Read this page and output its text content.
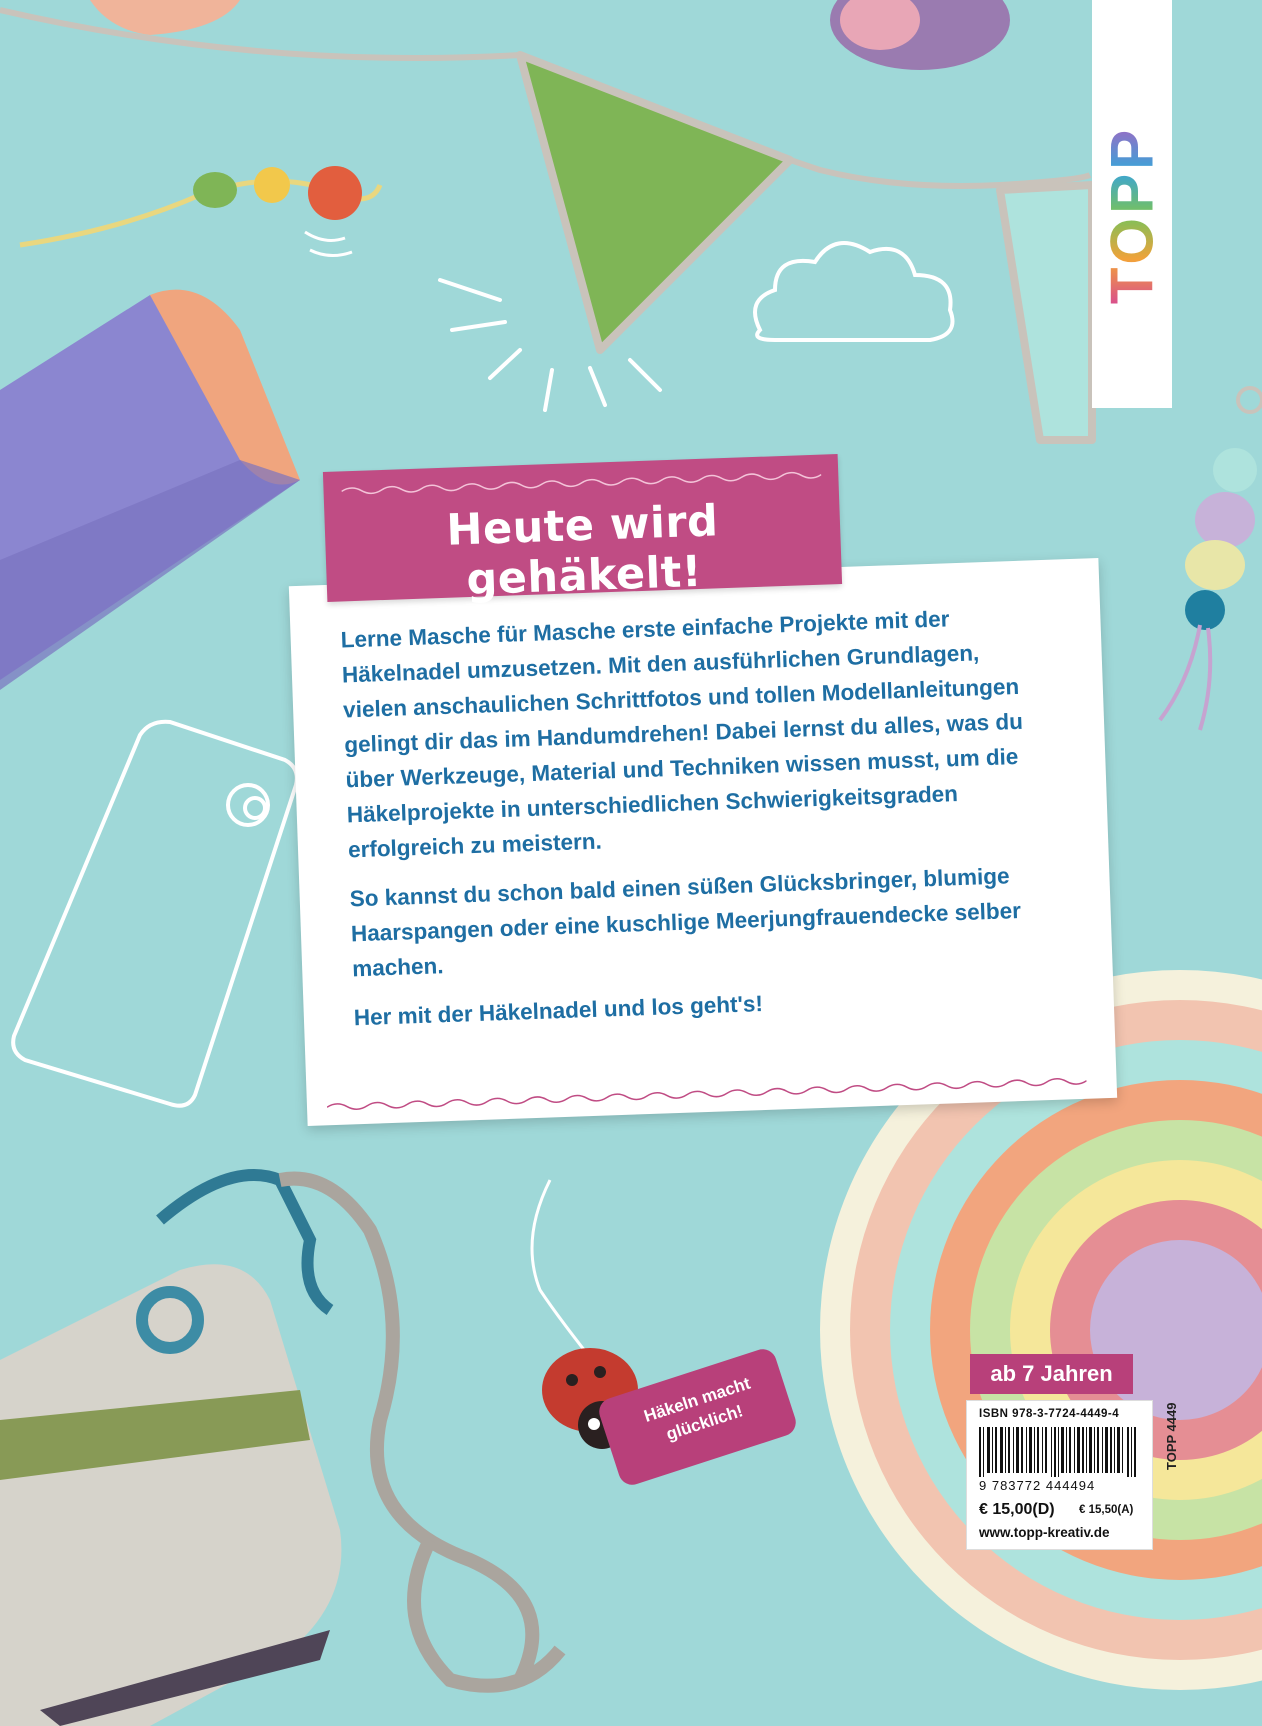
TOPP

Lerne Masche für Masche erste einfache Projekte mit der Häkelnadel umzusetzen. Mit den ausführlichen Grundlagen, vielen anschaulichen Schrittfotos und tollen Modellanleitungen gelingt dir das im Handumdrehen! Dabei lernst du alles, was du über Werkzeuge, Material und Techniken wissen musst, um die Häkelprojekte in unterschiedlichen Schwierigkeitsgraden erfolgreich zu meistern.

So kannst du schon bald einen süßen Glücksbringer, blumige Haarspangen oder eine kuschlige Meerjungfrauendecke selber machen.

Her mit der Häkelnadel und los geht's!

Heute wird gehäkelt!
Häkeln macht glücklich!
ab 7 Jahren
ISBN 978-3-7724-4449-4
9 783772 444494
€ 15,00(D) € 15,50(A)
www.topp-kreativ.de
TOPP 4449
